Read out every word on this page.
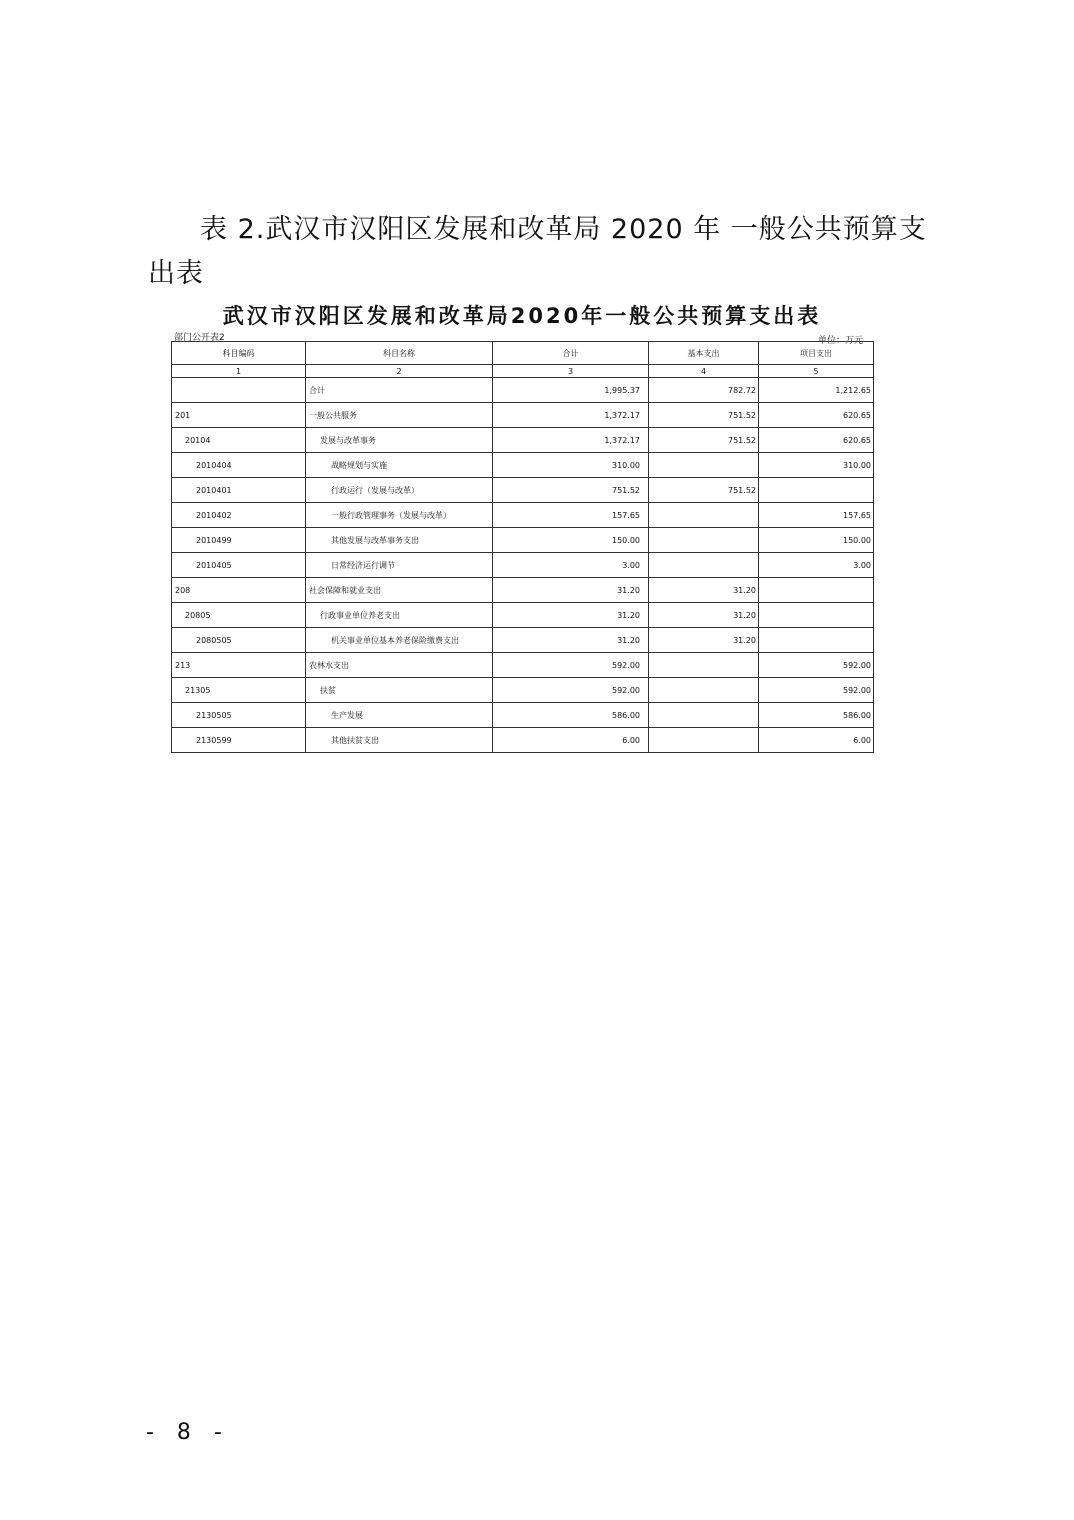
表 2.武汉市汉阳区发展和改革局 2020 年 一般公共预算支出表
武汉市汉阳区发展和改革局2020年一般公共预算支出表
部门公开表2	单位：万元
科目编码	科目名称	合计	基本支出	项目支出
1	2	3	4	5
	合计	1,995.37	782.72	1,212.65
201	一般公共服务	1,372.17	751.52	620.65
20104	发展与改革事务	1,372.17	751.52	620.65
2010404	战略规划与实施	310.00		310.00
2010401	行政运行（发展与改革）	751.52	751.52	
2010402	一般行政管理事务（发展与改革）	157.65		157.65
2010499	其他发展与改革事务支出	150.00		150.00
2010405	日常经济运行调节	3.00		3.00
208	社会保障和就业支出	31.20	31.20	
20805	行政事业单位养老支出	31.20	31.20	
2080505	机关事业单位基本养老保险缴费支出	31.20	31.20	
213	农林水支出	592.00		592.00
21305	扶贫	592.00		592.00
2130505	生产发展	586.00		586.00
2130599	其他扶贫支出	6.00		6.00
- 8 -
